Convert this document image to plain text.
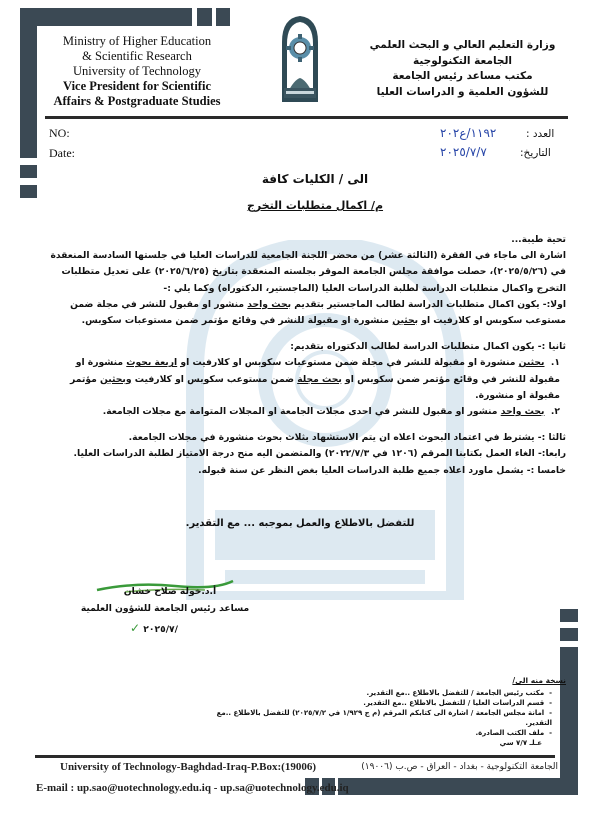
Ministry of Higher Education
& Scientific Research
University of Technology
Vice President for Scientific
Affairs & Postgraduate Studies
وزارة التعليم العالي و البحث العلمي
الجامعة التكنولوجية
مكتب مساعد رئيس الجامعة
للشؤون العلمية و الدراسات العليا
NO:
Date:
العدد :
التاريخ:
١١٩٢/ع٢٠٢
٢٠٢٥/٧/٧
الى / الكليات كافة
م/ اكمال متطلبات التخرج

تحية طيبة...

اشارة الى ماجاء في الفقرة (الثالثة عشر) من محضر اللجنة الجامعية للدراسات العليا في جلستها السادسة المنعقدة في (٢٠٢٥/٥/٢٦)، حصلت موافقة مجلس الجامعة الموقر بجلسته المنعقدة بتاريخ (٢٠٢٥/٦/٢٥) على تعديل متطلبات التخرج واكمال متطلبات الدراسة لطلبة الدراسات العليا (الماجستير، الدكتوراه) وكما يلي :-

اولا:- يكون اكمال متطلبات الدراسة لطالب الماجستير بتقديم بحث واحد منشور او مقبول للنشر في مجلة ضمن مستوعب سكوبس او كلارفيت او بحثين منشورة او مقبولة للنشر في وقائع مؤتمر ضمن مستوعبات سكوبس.

ثانيا :- يكون اكمال متطلبات الدراسة لطالب الدكتوراه بتقديم:

١.  بحثين منشورة او مقبولة للنشر في مجلة ضمن مستوعبات سكوبس او كلارفيت او اربعة بحوث منشورة او مقبولة للنشر في وقائع مؤتمر ضمن سكوبس او بحث مجلة ضمن مستوعب سكوبس او كلارفيت وبحثين مؤتمر مقبولة او منشورة.

٢.  بحث واحد منشور او مقبول للنشر في احدى مجلات الجامعة او المجلات المتوامة مع مجلات الجامعة.

ثالثا :- يشترط في اعتماد البحوث اعلاه ان يتم الاستشهاد بثلاث بحوث منشورة في مجلات الجامعة.

رابعا:- الغاء العمل بكتابنا المرقم (١٢٠٦ في ٢٠٢٢/٧/٣) والمتضمن اليه منح درجة الامتياز لطلبة الدراسات العليا.

خامسا :- يشمل ماورد اعلاه جميع طلبة الدراسات العليا بغض النظر عن سنة قبوله.

للتفضل بالاطلاع والعمل بموجبه ... مع التقدير.
أ.د.خولة صلاح خشان
مساعد رئيس الجامعة للشؤون العلمية
✓ ٢٠٢٥/٧/
نسخة منه الى/
-  مكتب رئيس الجامعة / للتفضل بالاطلاع ..مع التقدير.
-  قسم الدراسات العليا / للتفضل بالاطلاع ..مع التقدير.
-  امانة مجلس الجامعة / اشارة الى كتابكم المرقم (م ج ١/٩٢٩ في ٢٠٢٥/٧/٢) للتفضل بالاطلاع ..مع التقدير.
-  ملف الكتب الصادرة.
عـلـ ٧/٧ سي
University of Technology-Baghdad-Iraq-P.Box:(19006)	الجامعة التكنولوجية - بغداد - العراق - ص.ب (١٩٠٠٦)
E-mail : up.sao@uotechnology.edu.iq - up.sa@uotechnology.edu.iq
